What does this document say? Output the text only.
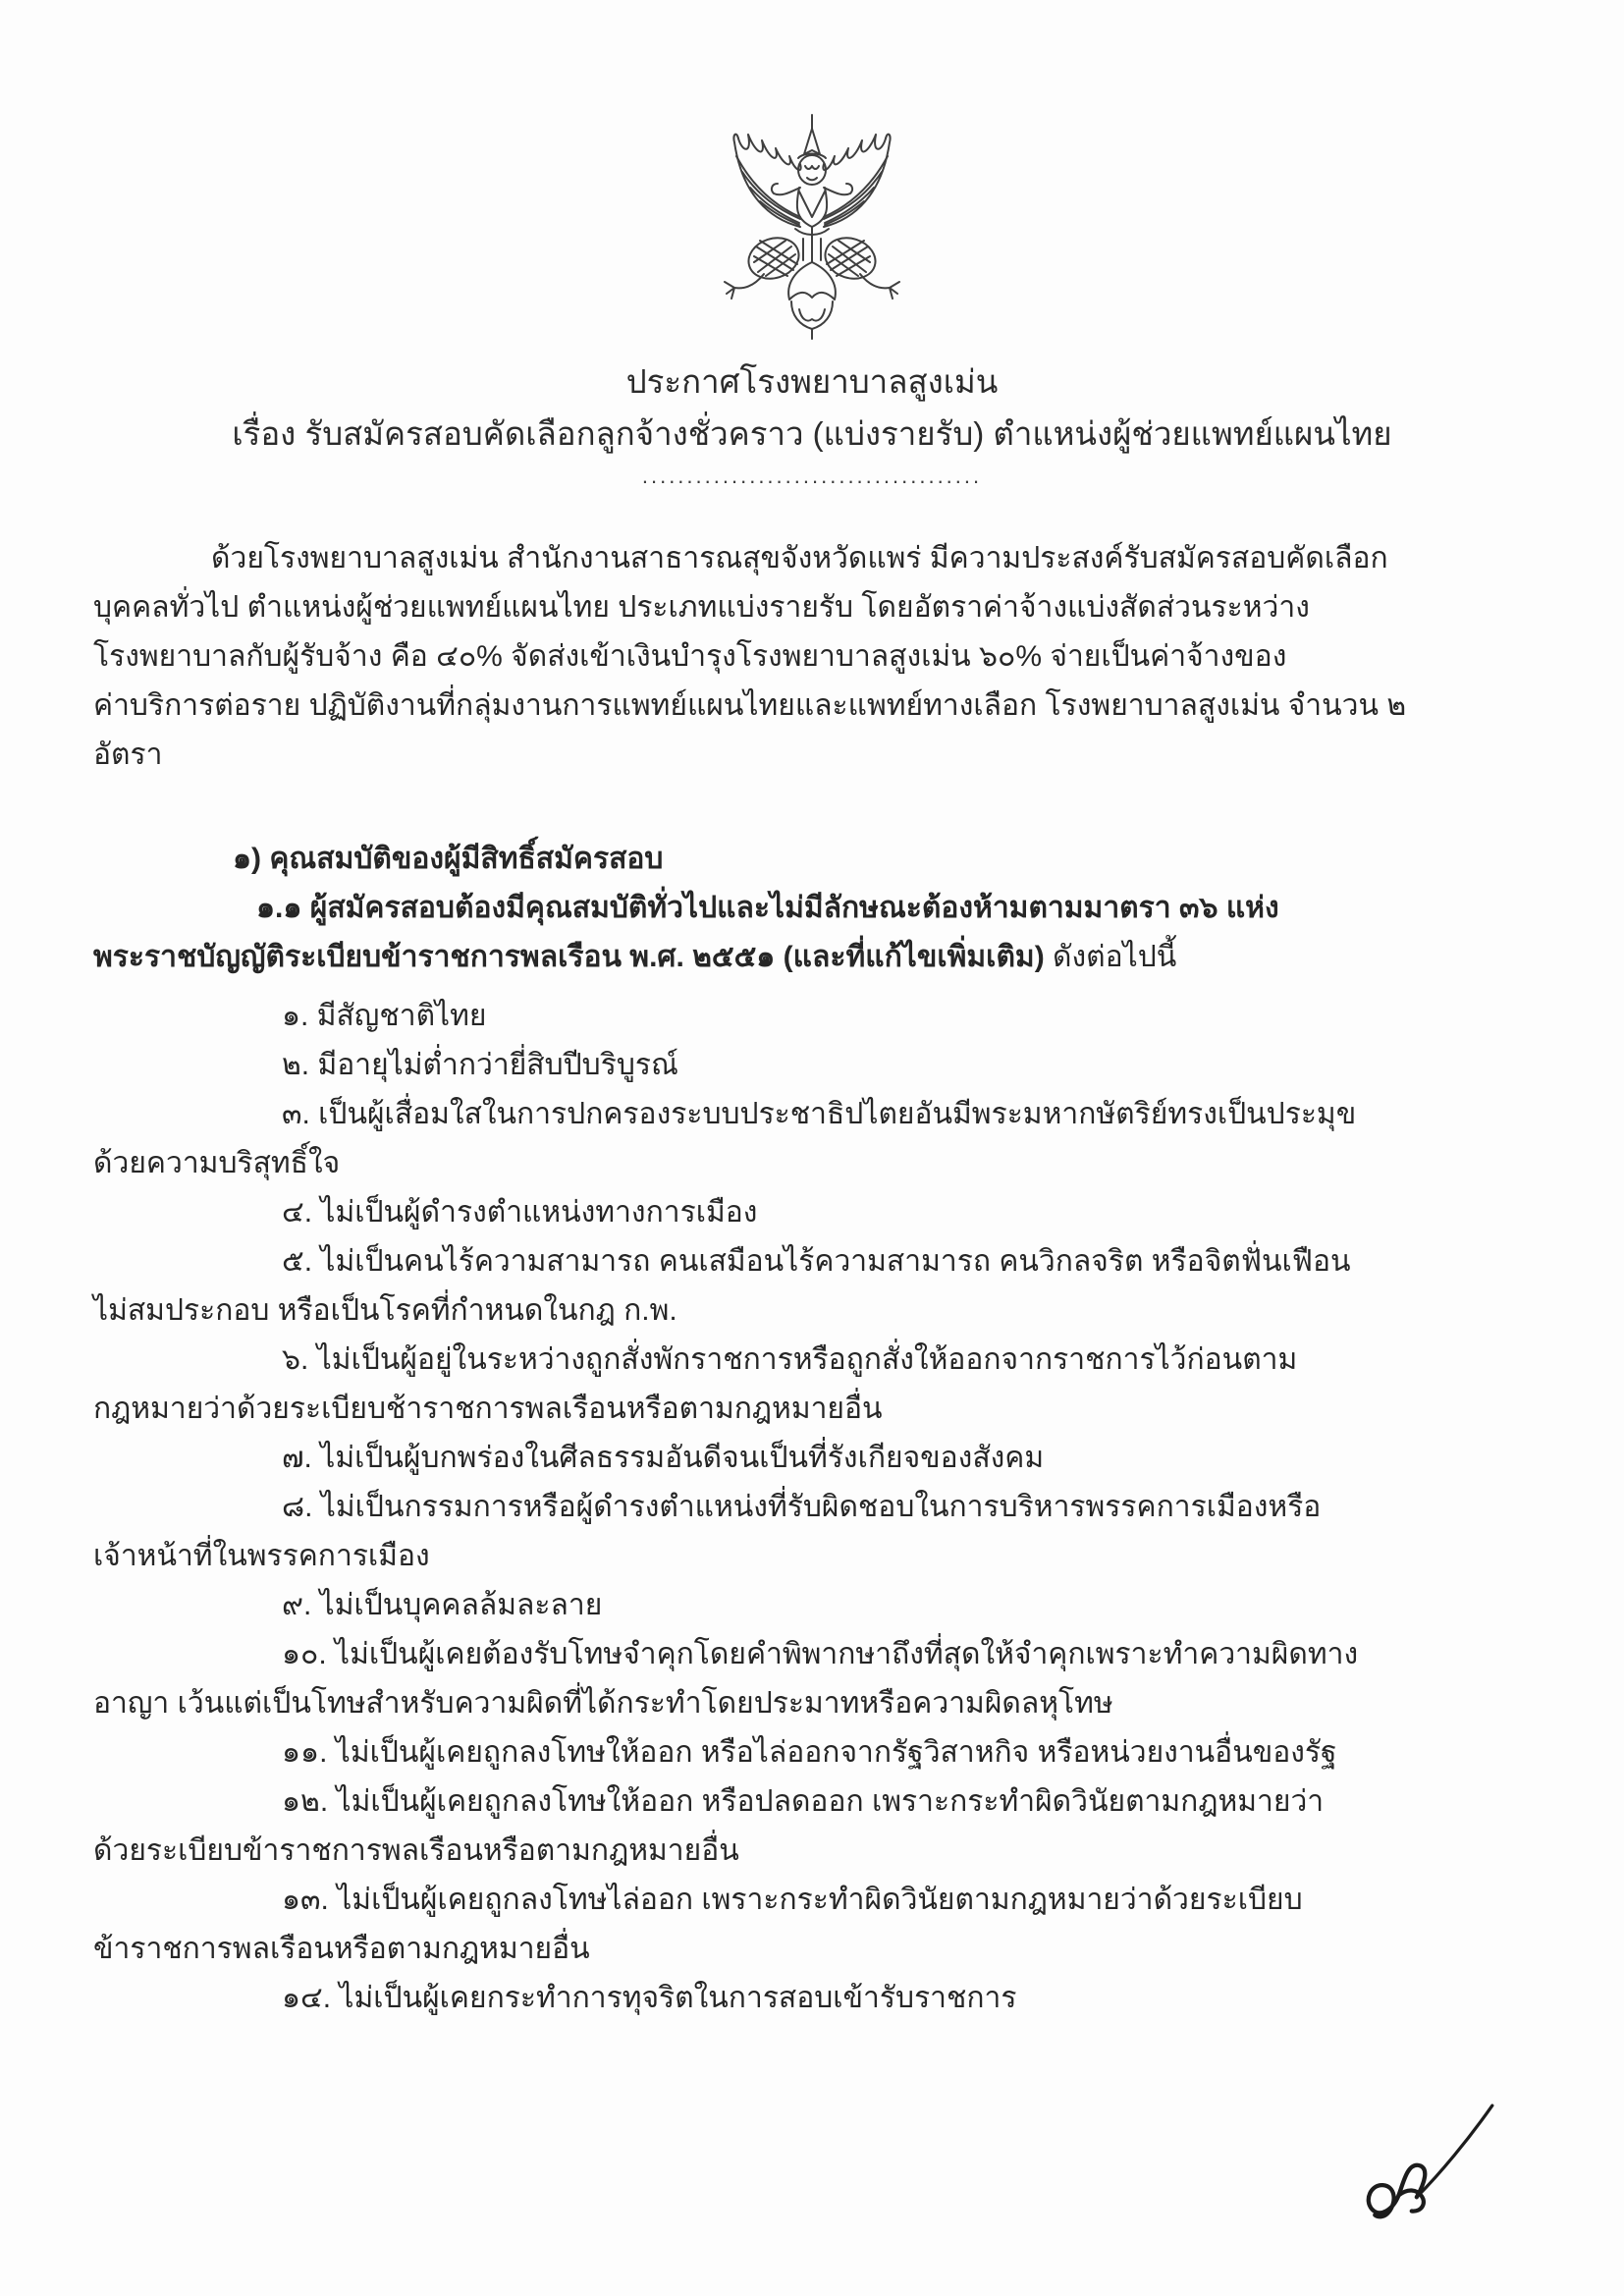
ประกาศโรงพยาบาลสูงเม่น
เรื่อง รับสมัครสอบคัดเลือกลูกจ้างชั่วคราว (แบ่งรายรับ) ตำแหน่งผู้ช่วยแพทย์แผนไทย
......................................
ด้วยโรงพยาบาลสูงเม่น สำนักงานสาธารณสุขจังหวัดแพร่ มีความประสงค์รับสมัครสอบคัดเลือก
บุคคลทั่วไป ตำแหน่งผู้ช่วยแพทย์แผนไทย ประเภทแบ่งรายรับ โดยอัตราค่าจ้างแบ่งสัดส่วนระหว่าง
โรงพยาบาลกับผู้รับจ้าง คือ ๔๐% จัดส่งเข้าเงินบำรุงโรงพยาบาลสูงเม่น ๖๐% จ่ายเป็นค่าจ้างของ
ค่าบริการต่อราย ปฏิบัติงานที่กลุ่มงานการแพทย์แผนไทยและแพทย์ทางเลือก โรงพยาบาลสูงเม่น จำนวน ๒
อัตรา
๑) คุณสมบัติของผู้มีสิทธิ์สมัครสอบ
๑.๑ ผู้สมัครสอบต้องมีคุณสมบัติทั่วไปและไม่มีลักษณะต้องห้ามตามมาตรา ๓๖ แห่ง
พระราชบัญญัติระเบียบข้าราชการพลเรือน พ.ศ. ๒๕๕๑ (และที่แก้ไขเพิ่มเติม) ดังต่อไปนี้
๑. มีสัญชาติไทย
๒. มีอายุไม่ต่ำกว่ายี่สิบปีบริบูรณ์
๓. เป็นผู้เสื่อมใสในการปกครองระบบประชาธิปไตยอันมีพระมหากษัตริย์ทรงเป็นประมุข
ด้วยความบริสุทธิ์ใจ
๔. ไม่เป็นผู้ดำรงตำแหน่งทางการเมือง
๕. ไม่เป็นคนไร้ความสามารถ คนเสมือนไร้ความสามารถ คนวิกลจริต หรือจิตฟั่นเฟือน
ไม่สมประกอบ หรือเป็นโรคที่กำหนดในกฎ ก.พ.
๖. ไม่เป็นผู้อยู่ในระหว่างถูกสั่งพักราชการหรือถูกสั่งให้ออกจากราชการไว้ก่อนตาม
กฎหมายว่าด้วยระเบียบช้าราชการพลเรือนหรือตามกฎหมายอื่น
๗. ไม่เป็นผู้บกพร่องในศีลธรรมอันดีจนเป็นที่รังเกียจของสังคม
๘. ไม่เป็นกรรมการหรือผู้ดำรงตำแหน่งที่รับผิดชอบในการบริหารพรรคการเมืองหรือ
เจ้าหน้าที่ในพรรคการเมือง
๙. ไม่เป็นบุคคลล้มละลาย
๑๐. ไม่เป็นผู้เคยต้องรับโทษจำคุกโดยคำพิพากษาถึงที่สุดให้จำคุกเพราะทำความผิดทาง
อาญา เว้นแต่เป็นโทษสำหรับความผิดที่ได้กระทำโดยประมาทหรือความผิดลหุโทษ
๑๑. ไม่เป็นผู้เคยถูกลงโทษให้ออก หรือไล่ออกจากรัฐวิสาหกิจ หรือหน่วยงานอื่นของรัฐ
๑๒. ไม่เป็นผู้เคยถูกลงโทษให้ออก หรือปลดออก เพราะกระทำผิดวินัยตามกฎหมายว่า
ด้วยระเบียบข้าราชการพลเรือนหรือตามกฎหมายอื่น
๑๓. ไม่เป็นผู้เคยถูกลงโทษไล่ออก เพราะกระทำผิดวินัยตามกฎหมายว่าด้วยระเบียบ
ข้าราชการพลเรือนหรือตามกฎหมายอื่น
๑๔. ไม่เป็นผู้เคยกระทำการทุจริตในการสอบเข้ารับราชการ
